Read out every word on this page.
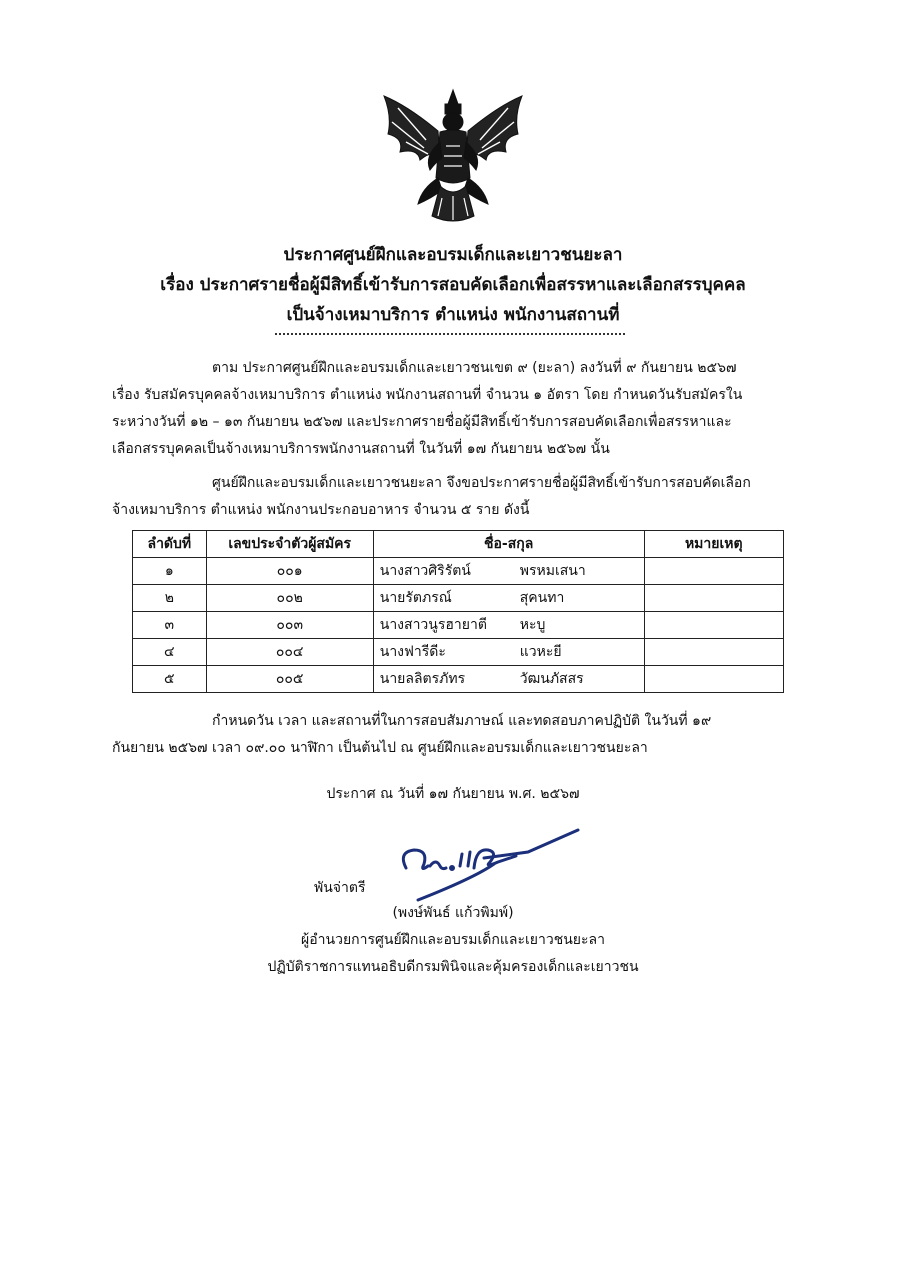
ประกาศศูนย์ฝึกและอบรมเด็กและเยาวชนยะลา
เรื่อง ประกาศรายชื่อผู้มีสิทธิ์เข้ารับการสอบคัดเลือกเพื่อสรรหาและเลือกสรรบุคคล
เป็นจ้างเหมาบริการ ตำแหน่ง พนักงานสถานที่
ตาม ประกาศศูนย์ฝึกและอบรมเด็กและเยาวชนเขต ๙ (ยะลา) ลงวันที่ ๙ กันยายน ๒๕๖๗
เรื่อง รับสมัครบุคคลจ้างเหมาบริการ ตำแหน่ง พนักงานสถานที่ จำนวน ๑ อัตรา โดย กำหนดวันรับสมัครใน
ระหว่างวันที่ ๑๒ – ๑๓ กันยายน ๒๕๖๗ และประกาศรายชื่อผู้มีสิทธิ์เข้ารับการสอบคัดเลือกเพื่อสรรหาและ
เลือกสรรบุคคลเป็นจ้างเหมาบริการพนักงานสถานที่ ในวันที่ ๑๗ กันยายน ๒๕๖๗ นั้น
ศูนย์ฝึกและอบรมเด็กและเยาวชนยะลา จึงขอประกาศรายชื่อผู้มีสิทธิ์เข้ารับการสอบคัดเลือก
จ้างเหมาบริการ ตำแหน่ง พนักงานประกอบอาหาร จำนวน ๕ ราย ดังนี้
ลำดับที่	เลขประจำตัวผู้สมัคร	ชื่อ-สกุล	หมายเหตุ
๑	๐๐๑	นางสาวศิริรัตน์ พรหมเสนา	

๒	๐๐๒	นายรัตภรณ์ สุคนทา	

๓	๐๐๓	นางสาวนูรฮายาตี หะบู	

๔	๐๐๔	นางฟารีดีะ แวหะยี	

๕	๐๐๕	นายลลิตรภัทร วัฒนภัสสร	

กำหนดวัน เวลา และสถานที่ในการสอบสัมภาษณ์ และทดสอบภาคปฏิบัติ ในวันที่ ๑๙
กันยายน ๒๕๖๗ เวลา ๐๙.๐๐ นาฬิกา เป็นต้นไป ณ ศูนย์ฝึกและอบรมเด็กและเยาวชนยะลา
ประกาศ ณ วันที่ ๑๗ กันยายน พ.ศ. ๒๕๖๗
พันจ่าตรี
(พงษ์พันธ์ แก้วพิมพ์)
ผู้อำนวยการศูนย์ฝึกและอบรมเด็กและเยาวชนยะลา
ปฏิบัติราชการแทนอธิบดีกรมพินิจและคุ้มครองเด็กและเยาวชน
